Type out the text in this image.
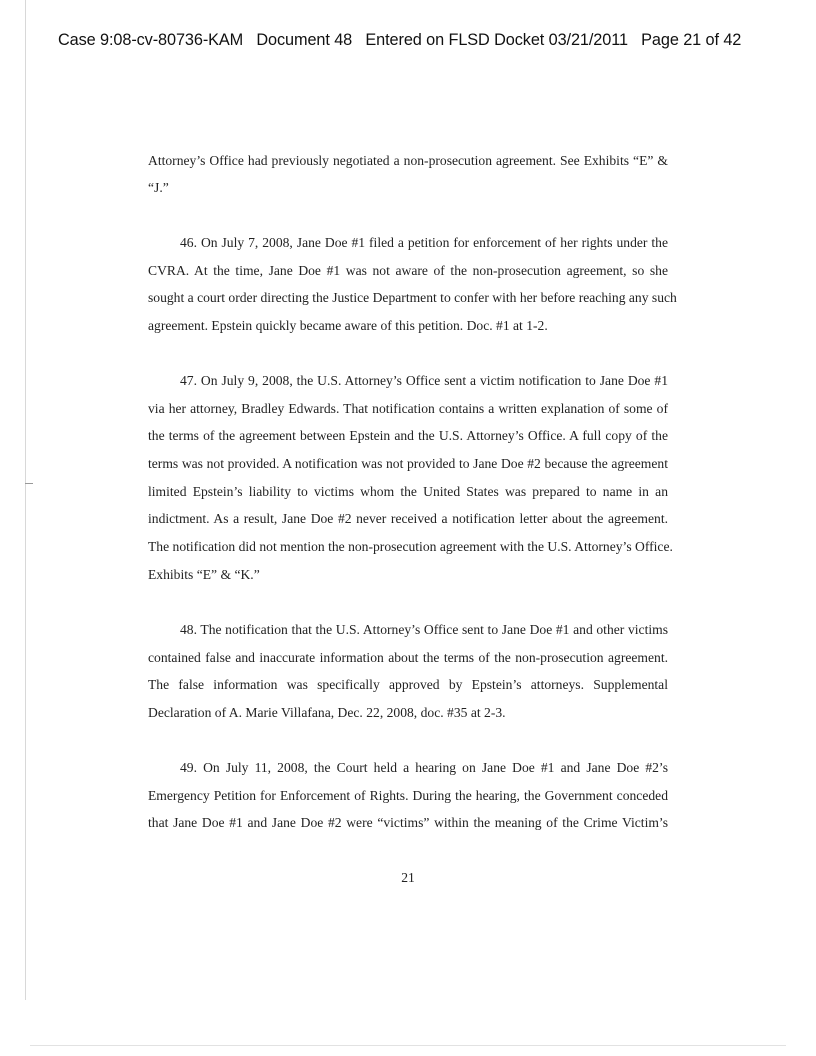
Case 9:08-cv-80736-KAM   Document 48   Entered on FLSD Docket 03/21/2011   Page 21 of 42
Attorney’s Office had previously negotiated a non-prosecution agreement. See Exhibits “E” &
“J.”
46. On July 7, 2008, Jane Doe #1 filed a petition for enforcement of her rights under the
CVRA. At the time, Jane Doe #1 was not aware of the non-prosecution agreement, so she
sought a court order directing the Justice Department to confer with her before reaching any such
agreement. Epstein quickly became aware of this petition. Doc. #1 at 1-2.
47. On July 9, 2008, the U.S. Attorney’s Office sent a victim notification to Jane Doe #1
via her attorney, Bradley Edwards. That notification contains a written explanation of some of
the terms of the agreement between Epstein and the U.S. Attorney’s Office. A full copy of the
terms was not provided. A notification was not provided to Jane Doe #2 because the agreement
limited Epstein’s liability to victims whom the United States was prepared to name in an
indictment. As a result, Jane Doe #2 never received a notification letter about the agreement.
The notification did not mention the non-prosecution agreement with the U.S. Attorney’s Office.
Exhibits “E” & “K.”
48. The notification that the U.S. Attorney’s Office sent to Jane Doe #1 and other victims
contained false and inaccurate information about the terms of the non-prosecution agreement.
The false information was specifically approved by Epstein’s attorneys. Supplemental
Declaration of A. Marie Villafana, Dec. 22, 2008, doc. #35 at 2-3.
49. On July 11, 2008, the Court held a hearing on Jane Doe #1 and Jane Doe #2’s
Emergency Petition for Enforcement of Rights. During the hearing, the Government conceded
that Jane Doe #1 and Jane Doe #2 were “victims” within the meaning of the Crime Victim’s
21
